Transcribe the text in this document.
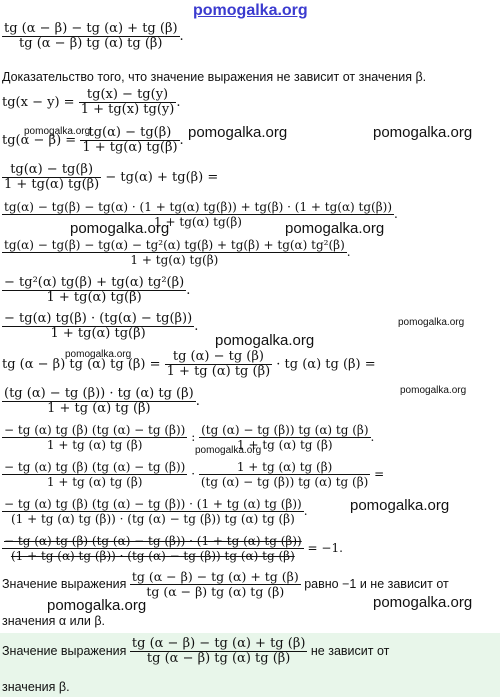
pomogalka.org
$\frac{tg (\alpha - \beta) - tg (\alpha) + tg (\beta)}{tg (\alpha - \beta) tg (\alpha) tg (\beta)}$ .
Доказательство того, что значение выражения не зависит от значения β.
$tg(x - y) = \frac{tg(x) - tg(y)}{1 + tg(x) tg(y)}$ .
$tg(\alpha - \beta) = \frac{tg(\alpha) - tg(\beta)}{1 + tg(\alpha) tg(\beta)}$ .
$\frac{tg(\alpha) - tg(\beta)}{1 + tg(\alpha) tg(\beta)} - tg(\alpha) + tg(\beta)$ =
tg(α) − tg(β) − tg(α) · (1 + tg(α) tg(β)) + tg(β) · (1 + tg(α) tg(β))
1 + tg(α) tg(β)
.
$\frac{\text{tg(α) − tg(β) − tg(α) − tg²(α) tg(β) + tg(β) + tg(α) tg²(β)}}{1 + tg(\alpha) tg(\beta)}$ .
$\frac{\text{− tg²(α) tg(β) + tg(α) tg²(β)}}{1 + tg(\alpha) tg(\beta)}$ .
$\frac{- tg(\alpha) tg(\beta) \cdot (tg(\alpha) - tg(\beta))}{1 + tg(\alpha) tg(\beta)}$ .
tg (α − β) tg (α) tg $(\beta) = \frac{tg (\alpha) - tg (\beta)}{1 + tg (\alpha) tg (\beta)}$ · tg (α) tg (β) =
$\frac{(tg (\alpha) - tg (\beta)) \cdot tg (\alpha) tg (\beta)}{1 + tg (\alpha) tg (\beta)}$ .
$\frac{- tg (\alpha) tg (\beta) (tg (\alpha) - tg (\beta))}{1 + tg (\alpha) tg (\beta)}$ : $\frac{(tg (\alpha) - tg (\beta)) tg (\alpha) tg (\beta)}{1 + tg (\alpha) tg (\beta)}$ .
$\frac{- tg (\alpha) tg (\beta) (tg (\alpha) - tg (\beta))}{1 + tg (\alpha) tg (\beta)} \cdot \frac{1 + tg (\alpha) tg (\beta)}{(tg (\alpha) - tg (\beta)) tg (\alpha) tg (\beta)}$ =
$\frac{- tg (\alpha) tg (\beta) (tg (\alpha) - tg (\beta)) \cdot (1 + tg (\alpha) tg (\beta))}{(1 + tg (\alpha) tg (\beta)) \cdot (tg (\alpha) - tg (\beta)) tg (\alpha) tg (\beta)}$ .
$\frac{- tg (\alpha) tg (\beta) (tg (\alpha) - tg (\beta)) \cdot (1 + tg (\alpha) tg (\beta))}{(1 + tg (\alpha) tg (\beta)) \cdot (tg (\alpha) - tg (\beta)) tg (\alpha) tg (\beta)} = -1$.
Значение выражения $\frac{tg (\alpha - \beta) - tg (\alpha) + tg (\beta)}{tg (\alpha - \beta) tg (\alpha) tg (\beta)}$ равно −1 и не зависит от
значения α или β.
Значение выражения $\frac{tg (\alpha - \beta) - tg (\alpha) + tg (\beta)}{tg (\alpha - \beta) tg (\alpha) tg (\beta)}$ не зависит от
значения β.
pomogalka.org	pomogalka.org	pomogalka.org
pomogalka.org	pomogalka.org
pomogalka.org
pomogalka.org
pomogalka.org
pomogalka.org
pomogalka.org
pomogalka.org
pomogalka.org	pomogalka.org
